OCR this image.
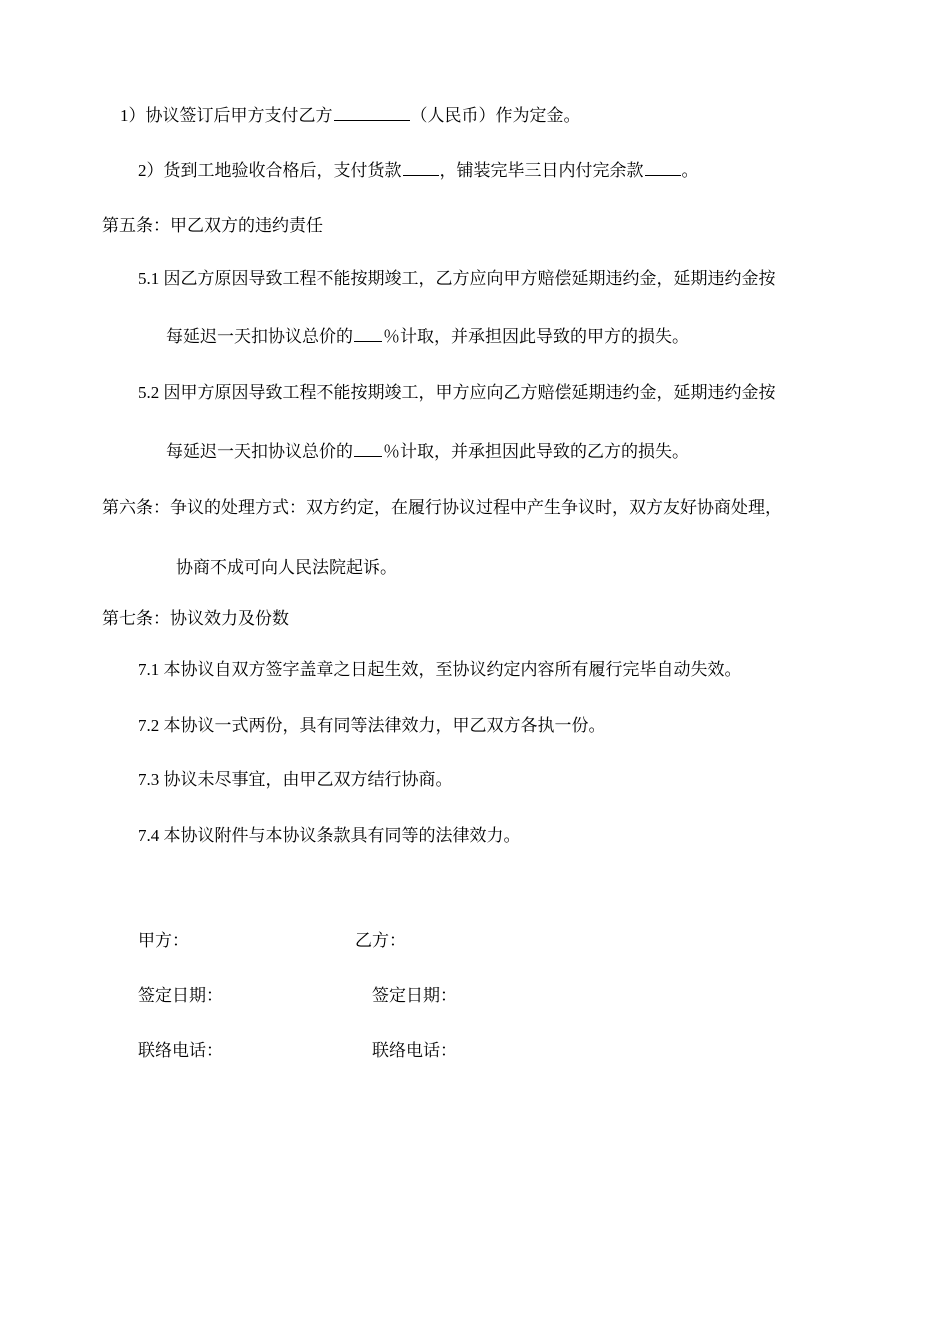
1）协议签订后甲方支付乙方	（人民币）作为定金。
2）货到工地验收合格后，支付货款 ，铺装完毕三日内付完余款 。
第五条：甲乙双方的违约责任
5.1 因乙方原因导致工程不能按期竣工，乙方应向甲方赔偿延期违约金，延期违约金按
每延迟一天扣协议总价的 ％计取，并承担因此导致的甲方的损失。
5.2 因甲方原因导致工程不能按期竣工，甲方应向乙方赔偿延期违约金，延期违约金按
每延迟一天扣协议总价的 ％计取，并承担因此导致的乙方的损失。
第六条：争议的处理方式：双方约定，在履行协议过程中产生争议时，双方友好协商处理，
协商不成可向人民法院起诉。
第七条：协议效力及份数
7.1 本协议自双方签字盖章之日起生效，至协议约定内容所有履行完毕自动失效。
7.2 本协议一式两份，具有同等法律效力，甲乙双方各执一份。
7.3 协议未尽事宜，由甲乙双方结行协商。
7.4 本协议附件与本协议条款具有同等的法律效力。
甲方：	乙方：
签定日期：	签定日期：
联络电话：	联络电话：
